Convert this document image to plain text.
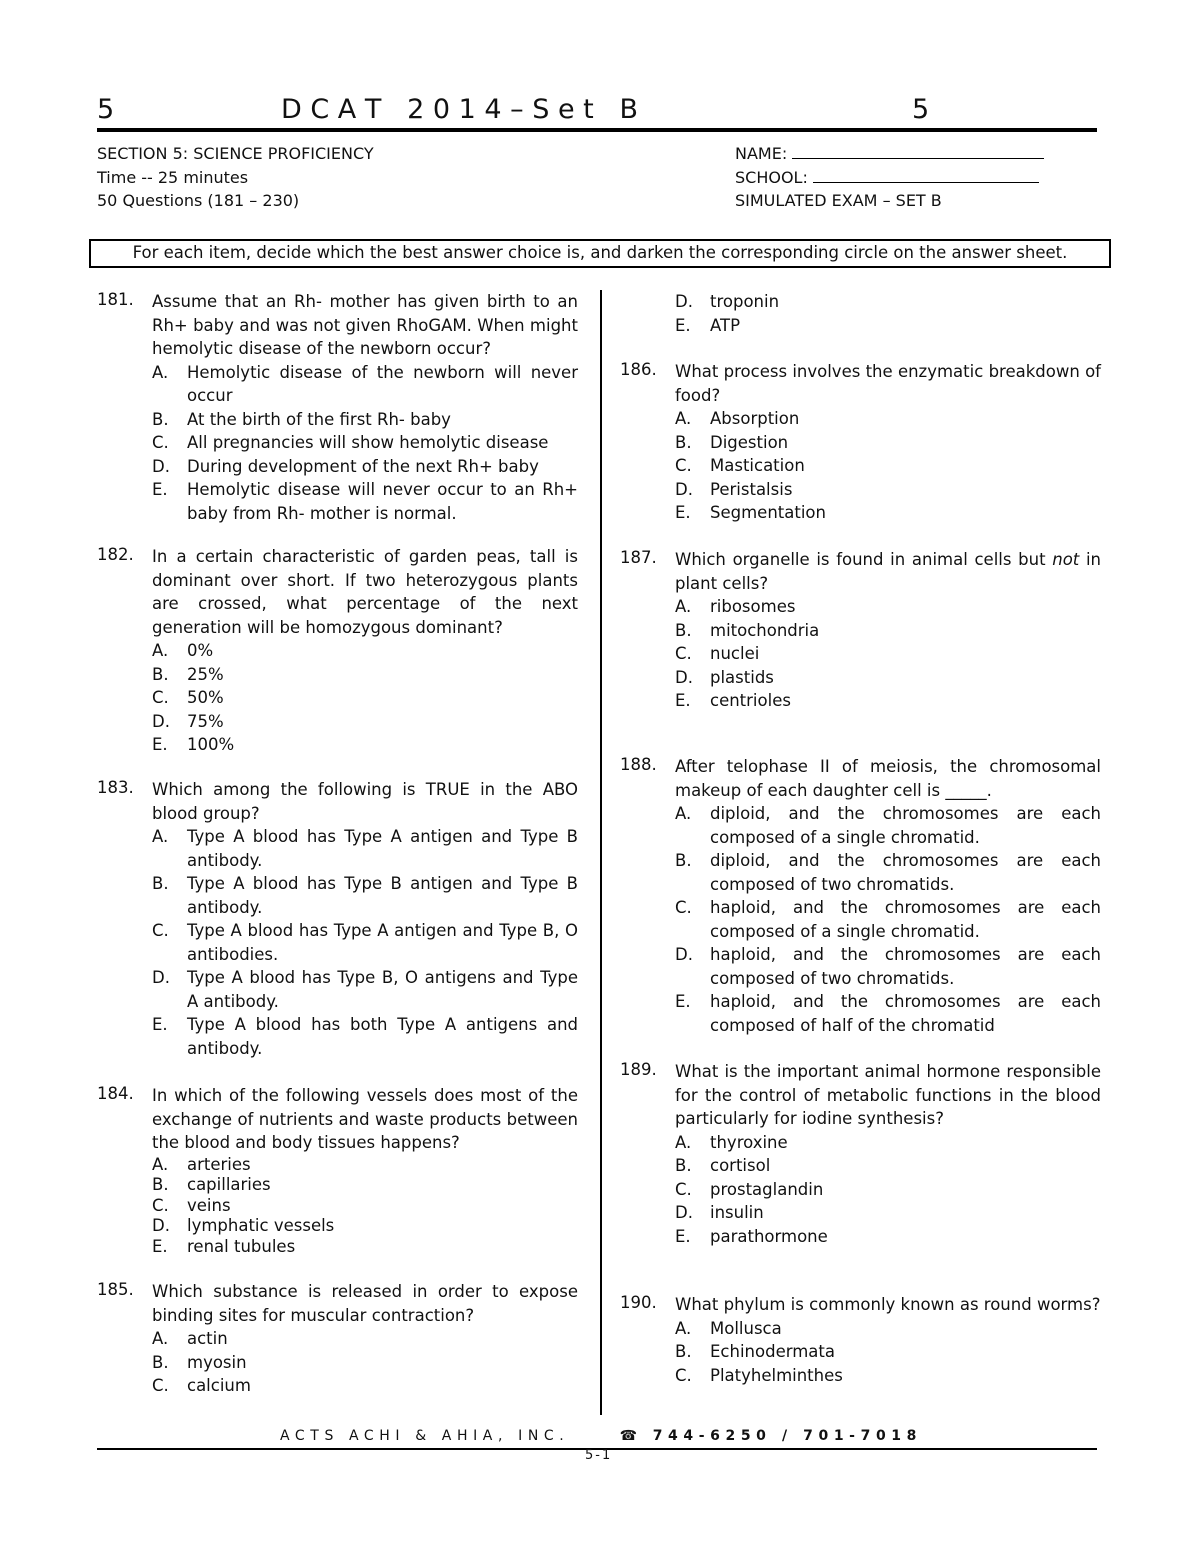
5	D C A T   2 0 1 4 – S e t   B	5
SECTION 5: SCIENCE PROFICIENCY
Time -- 25 minutes
50 Questions (181 – 230)
NAME:
SCHOOL:
SIMULATED EXAM – SET B
For each item, decide which the best answer choice is, and darken the corresponding circle on the answer sheet.
181. Assume that an Rh- mother has given birth to an Rh+ baby and was not given RhoGAM. When might hemolytic disease of the newborn occur?
A. Hemolytic disease of the newborn will never occur
B. At the birth of the first Rh- baby
C. All pregnancies will show hemolytic disease
D. During development of the next Rh+ baby
E. Hemolytic disease will never occur to an Rh+ baby from Rh- mother is normal.
182. In a certain characteristic of garden peas, tall is dominant over short. If two heterozygous plants are crossed, what percentage of the next generation will be homozygous dominant?
A. 0%
B. 25%
C. 50%
D. 75%
E. 100%
183. Which among the following is TRUE in the ABO blood group?
A. Type A blood has Type A antigen and Type B antibody.
B. Type A blood has Type B antigen and Type B antibody.
C. Type A blood has Type A antigen and Type B, O antibodies.
D. Type A blood has Type B, O antigens and Type A antibody.
E. Type A blood has both Type A antigens and antibody.
184. In which of the following vessels does most of the exchange of nutrients and waste products between the blood and body tissues happens?
A. arteries
B. capillaries
C. veins
D. lymphatic vessels
E. renal tubules
185. Which substance is released in order to expose binding sites for muscular contraction?
A. actin
B. myosin
C. calcium
D. troponin
E. ATP
186. What process involves the enzymatic breakdown of food?
A. Absorption
B. Digestion
C. Mastication
D. Peristalsis
E. Segmentation
187. Which organelle is found in animal cells but not in plant cells?
A. ribosomes
B. mitochondria
C. nuclei
D. plastids
E. centrioles
188. After telophase II of meiosis, the chromosomal makeup of each daughter cell is _____.
A. diploid, and the chromosomes are each composed of a single chromatid.
B. diploid, and the chromosomes are each composed of two chromatids.
C. haploid, and the chromosomes are each composed of a single chromatid.
D. haploid, and the chromosomes are each composed of two chromatids.
E. haploid, and the chromosomes are each composed of half of the chromatid
189. What is the important animal hormone responsible for the control of metabolic functions in the blood particularly for iodine synthesis?
A. thyroxine
B. cortisol
C. prostaglandin
D. insulin
E. parathormone
190. What phylum is commonly known as round worms?
A. Mollusca
B. Echinodermata
C. Platyhelminthes
ACTS ACHI & AHIA, INC.	☎ 744-6250 / 701-7018
5-1
